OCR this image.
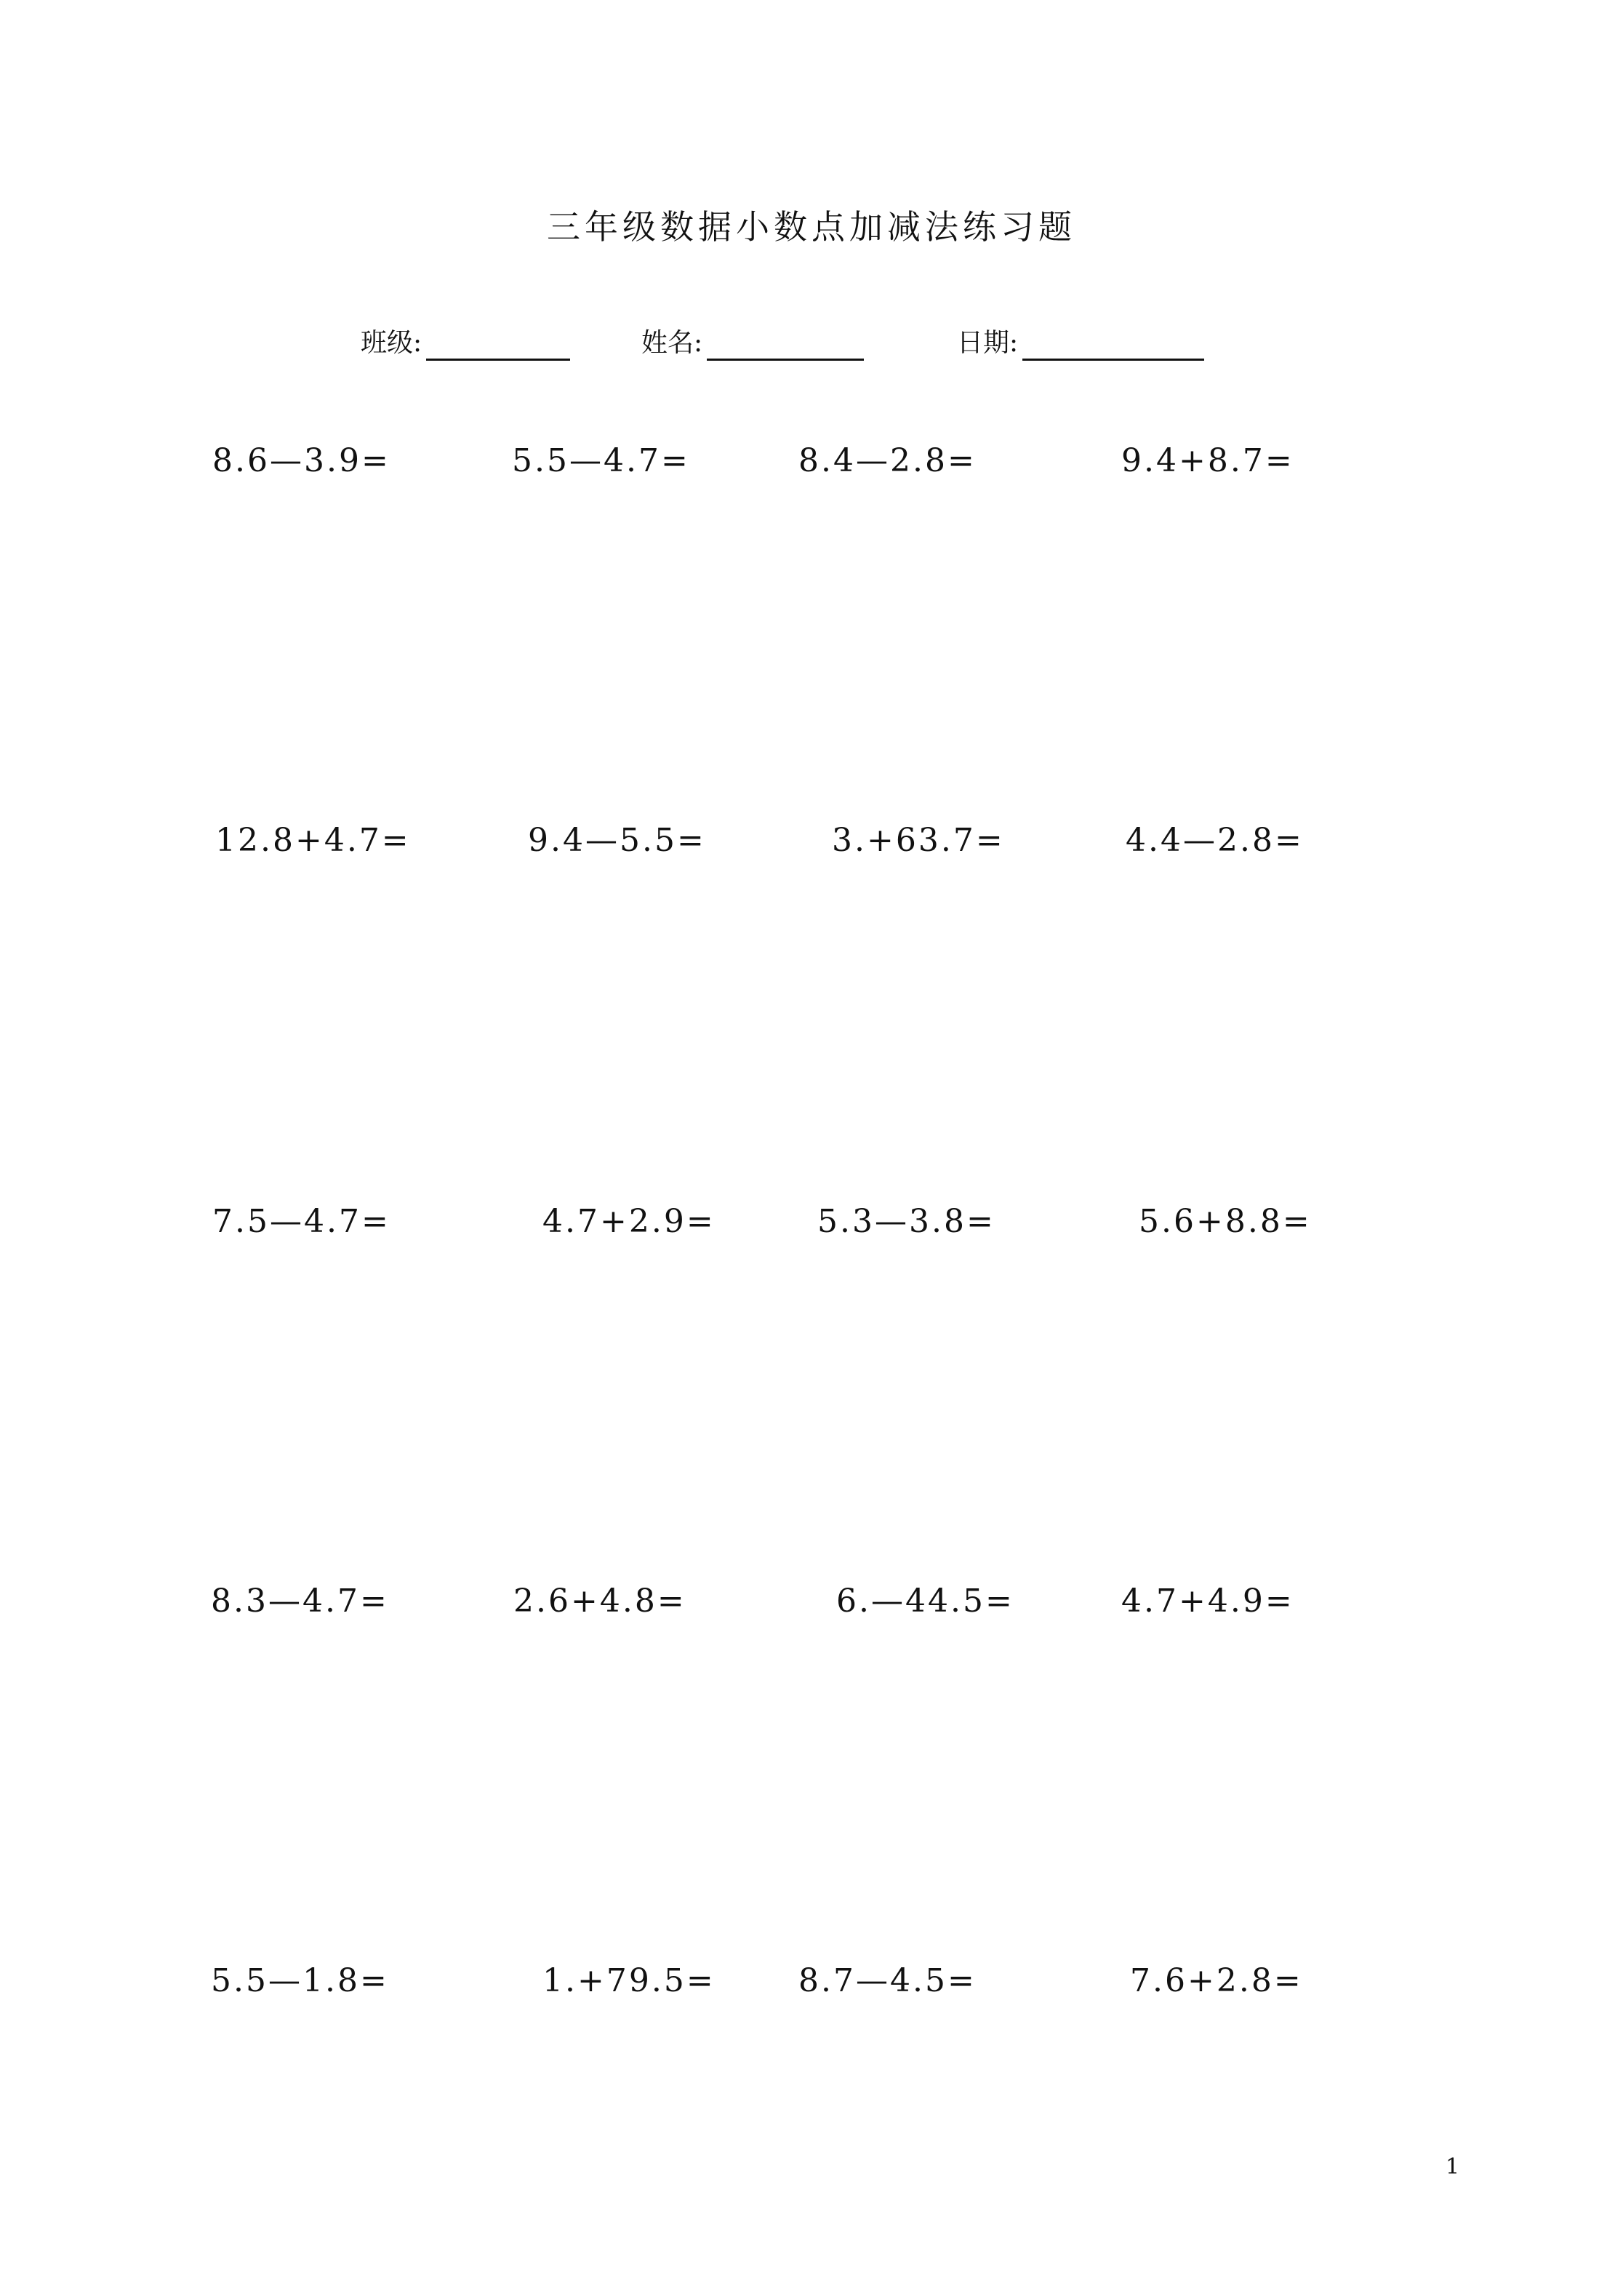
三年级数据小数点加减法练习题
班级:	姓名:	日期:
8.6—3.9=	5.5—4.7=	8.4—2.8=	9.4+8.7=
12.8+4.7=	9.4—5.5=	3.+63.7=	4.4—2.8=
7.5—4.7=	4.7+2.9=	5.3—3.8=	5.6+8.8=
8.3—4.7=	2.6+4.8=	6.—44.5=	4.7+4.9=
5.5—1.8=	1.+79.5=	8.7—4.5=	7.6+2.8=
1
